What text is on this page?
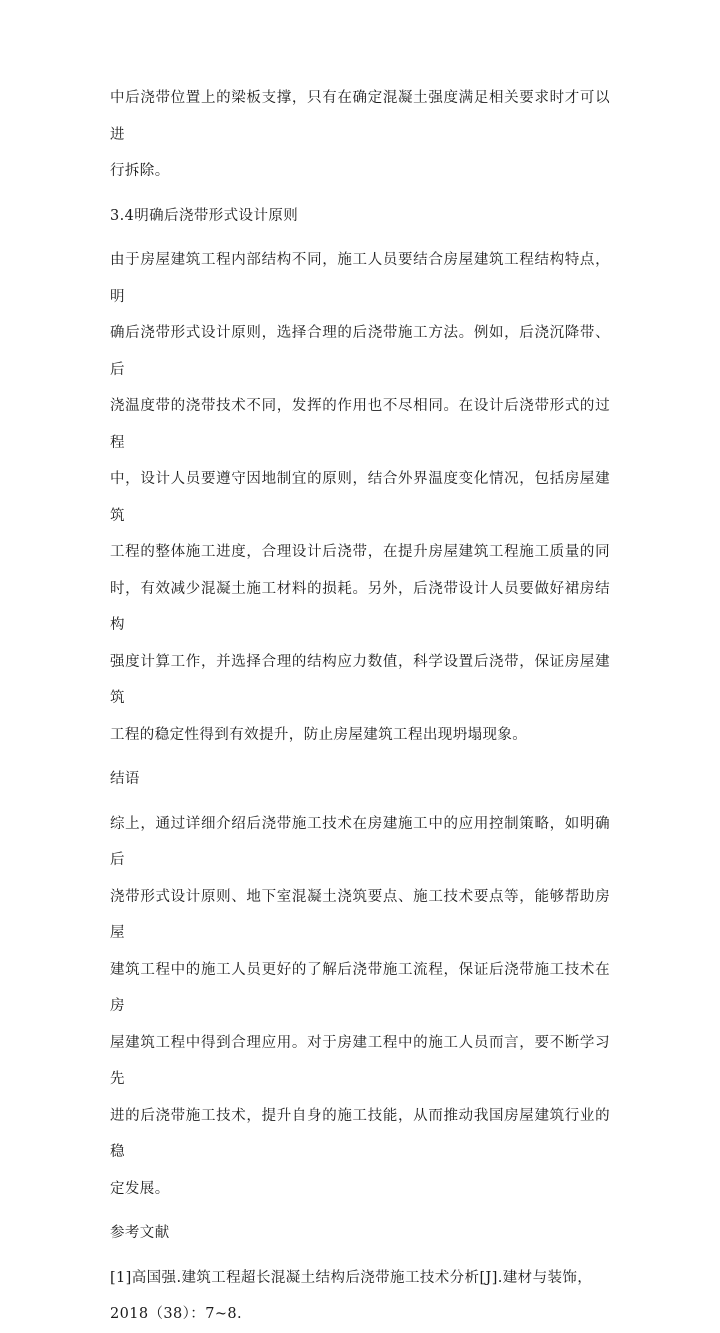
中后浇带位置上的梁板支撑，只有在确定混凝土强度满足相关要求时才可以进
行拆除。
3.4明确后浇带形式设计原则
由于房屋建筑工程内部结构不同，施工人员要结合房屋建筑工程结构特点，明
确后浇带形式设计原则，选择合理的后浇带施工方法。例如，后浇沉降带、后
浇温度带的浇带技术不同，发挥的作用也不尽相同。在设计后浇带形式的过程
中，设计人员要遵守因地制宜的原则，结合外界温度变化情况，包括房屋建筑
工程的整体施工进度，合理设计后浇带，在提升房屋建筑工程施工质量的同
时，有效减少混凝土施工材料的损耗。另外，后浇带设计人员要做好裙房结构
强度计算工作，并选择合理的结构应力数值，科学设置后浇带，保证房屋建筑
工程的稳定性得到有效提升，防止房屋建筑工程出现坍塌现象。
结语
综上，通过详细介绍后浇带施工技术在房建施工中的应用控制策略，如明确后
浇带形式设计原则、地下室混凝土浇筑要点、施工技术要点等，能够帮助房屋
建筑工程中的施工人员更好的了解后浇带施工流程，保证后浇带施工技术在房
屋建筑工程中得到合理应用。对于房建工程中的施工人员而言，要不断学习先
进的后浇带施工技术，提升自身的施工技能，从而推动我国房屋建筑行业的稳
定发展。
参考文献
[1]高国强.建筑工程超长混凝土结构后浇带施工技术分析[J].建材与装饰，
2018（38）：7~8.
